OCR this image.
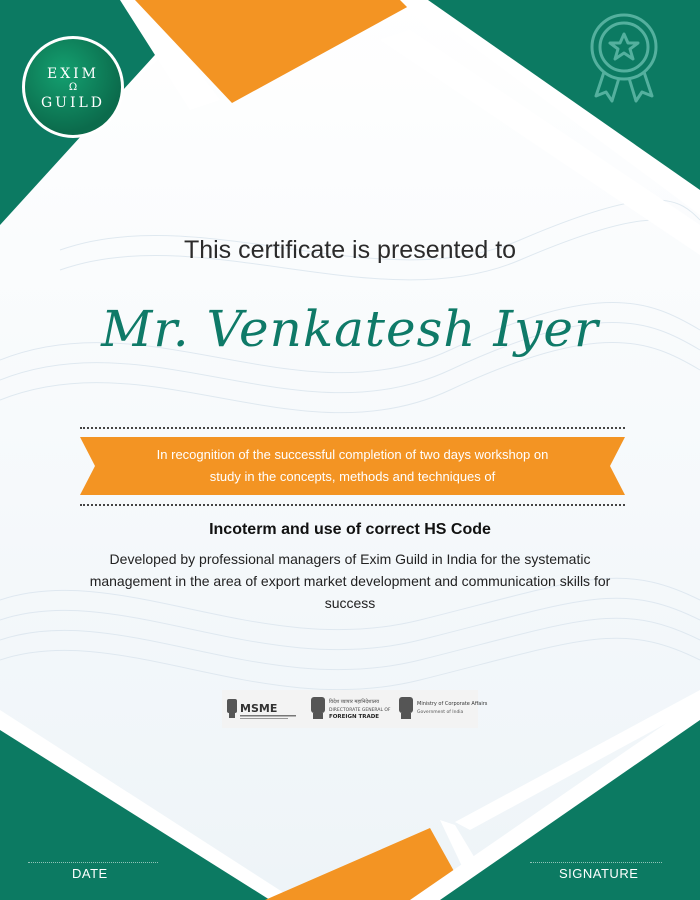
EXIM
Ω
GUILD
This certificate is presented to
Mr. Venkatesh Iyer
In recognition of the successful completion of two days workshop on
study in the concepts, methods and techniques of
Incoterm and use of correct HS Code
Developed by professional managers of Exim Guild in India for the systematic management in the area of export market development and communication skills for success
MSME	विदेश व्यापार महानिदेशालय
DIRECTORATE GENERAL OF
FOREIGN TRADE
Ministry of Corporate Affairs
Government of India
DATE	SIGNATURE
